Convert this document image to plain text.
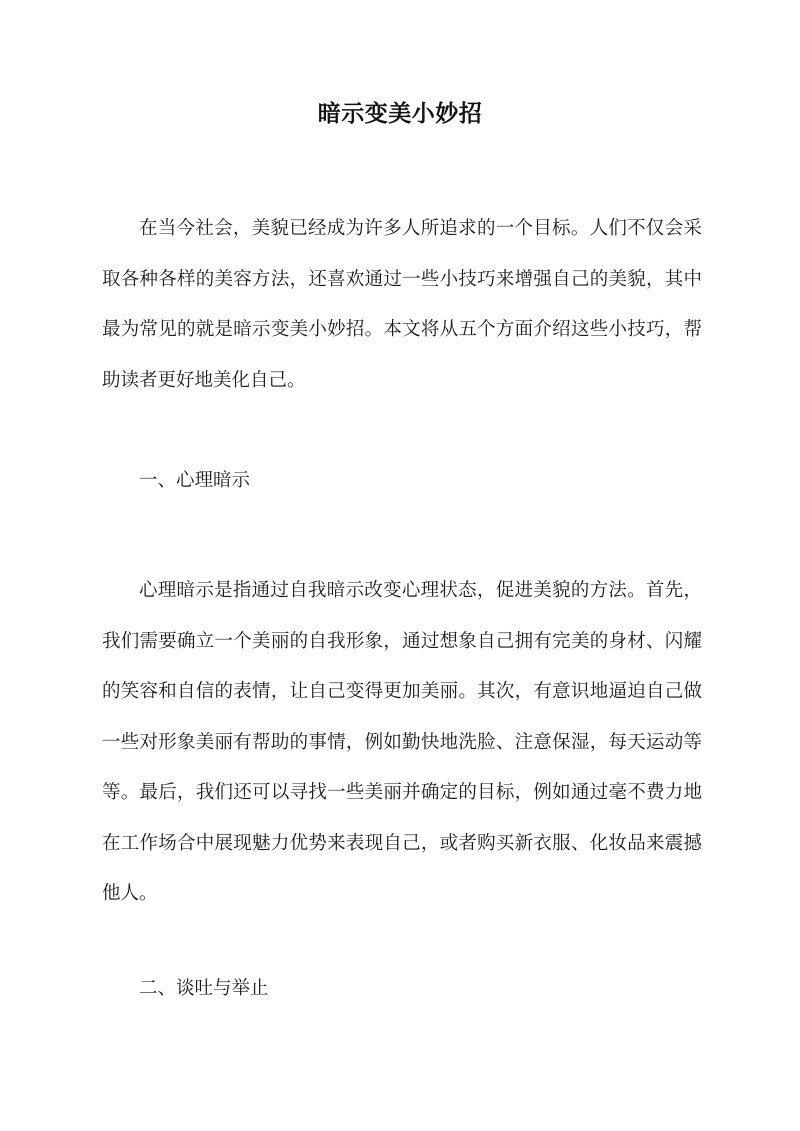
暗示变美小妙招

在当今社会，美貌已经成为许多人所追求的一个目标。人们不仅会采取各种各样的美容方法，还喜欢通过一些小技巧来增强自己的美貌，其中最为常见的就是暗示变美小妙招。本文将从五个方面介绍这些小技巧，帮助读者更好地美化自己。

一、心理暗示

心理暗示是指通过自我暗示改变心理状态，促进美貌的方法。首先，我们需要确立一个美丽的自我形象，通过想象自己拥有完美的身材、闪耀的笑容和自信的表情，让自己变得更加美丽。其次，有意识地逼迫自己做一些对形象美丽有帮助的事情，例如勤快地洗脸、注意保湿，每天运动等等。最后，我们还可以寻找一些美丽并确定的目标，例如通过毫不费力地在工作场合中展现魅力优势来表现自己，或者购买新衣服、化妆品来震撼他人。

二、谈吐与举止
